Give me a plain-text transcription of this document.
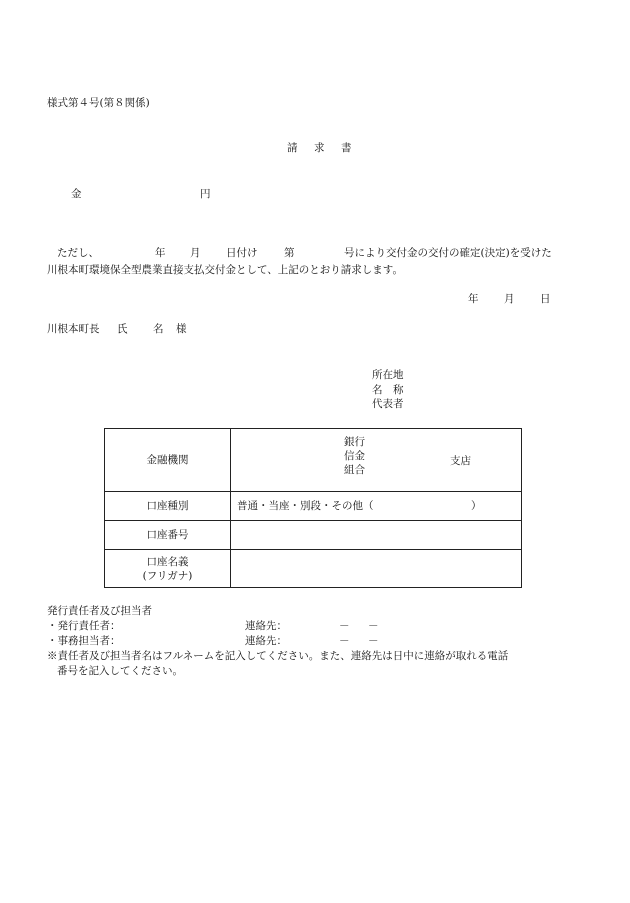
様式第４号(第８関係)
請　求　書
金	円
ただし、	年 月 日付け	第	号により交付金の交付の確定(決定)を受けた
川根本町環境保全型農業直接支払交付金として、上記のとおり請求します。
年 月 日
川根本町長 氏 名 様
所在地
名　称
代表者
金融機関	銀行
信金
組合
支店

口座種別	普通・当座・別段・その他（ ）

口座番号	

口座名義
(フリガナ)	

発行責任者及び担当者
・発行責任者：	連絡先：	－ －
・事務担当者：	連絡先：	－ －
※責任者及び担当者名はフルネームを記入してください。また、連絡先は日中に連絡が取れる電話
番号を記入してください。
